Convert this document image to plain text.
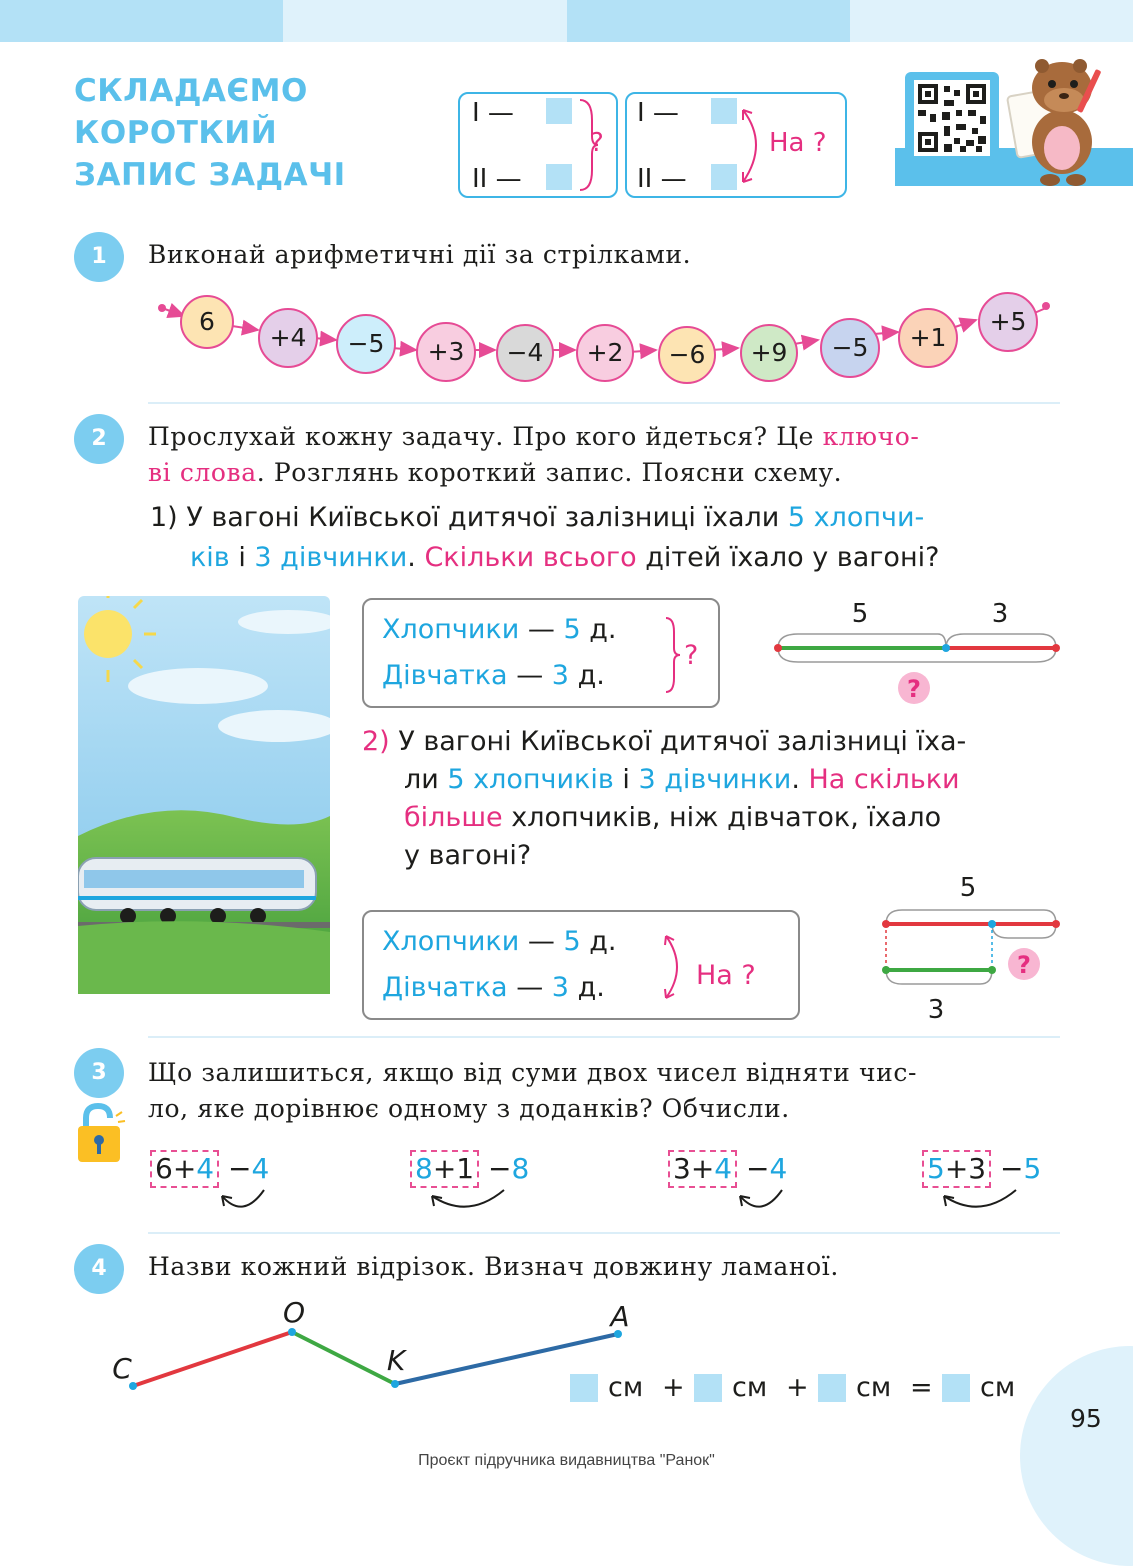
СКЛАДАЄМО
КОРОТКИЙ
ЗАПИС ЗАДАЧІ
I —
II —
?
I —
II —
На ?
1	Виконай арифметичні дії за стрілками.
6
+4	−5	+3	−4	+2	−6	+9	−5	+1
+5
2	Прослухай кожну задачу. Про кого йдеться? Це ключо-
ві слова. Розглянь короткий запис. Поясни схему.
1) У вагоні Київської дитячої залізниці їхали 5 хлопчи-
ків і 3 дівчинки. Скільки всього дітей їхало у вагоні?
Хлопчики — 5 д.
Дівчатка — 3 д.
?
5	3
?
2) У вагоні Київської дитячої залізниці їха-
ли 5 хлопчиків і 3 дівчинки. На скільки
більше хлопчиків, ніж дівчаток, їхало
у вагоні?
Хлопчики — 5 д.
Дівчатка — 3 д.	На ?
5
?
3
3	Що залишиться, якщо від суми двох чисел відняти чис-
ло, яке дорівнює одному з доданків? Обчисли.
6+4 −4	8+1 −8	3+4 −4	5+3 −5
4	Назви кожний відрізок. Визнач довжину ламаної.
C
O
K
A
см + см + см = см
95
Проєкт підручника видавництва "Ранок"
